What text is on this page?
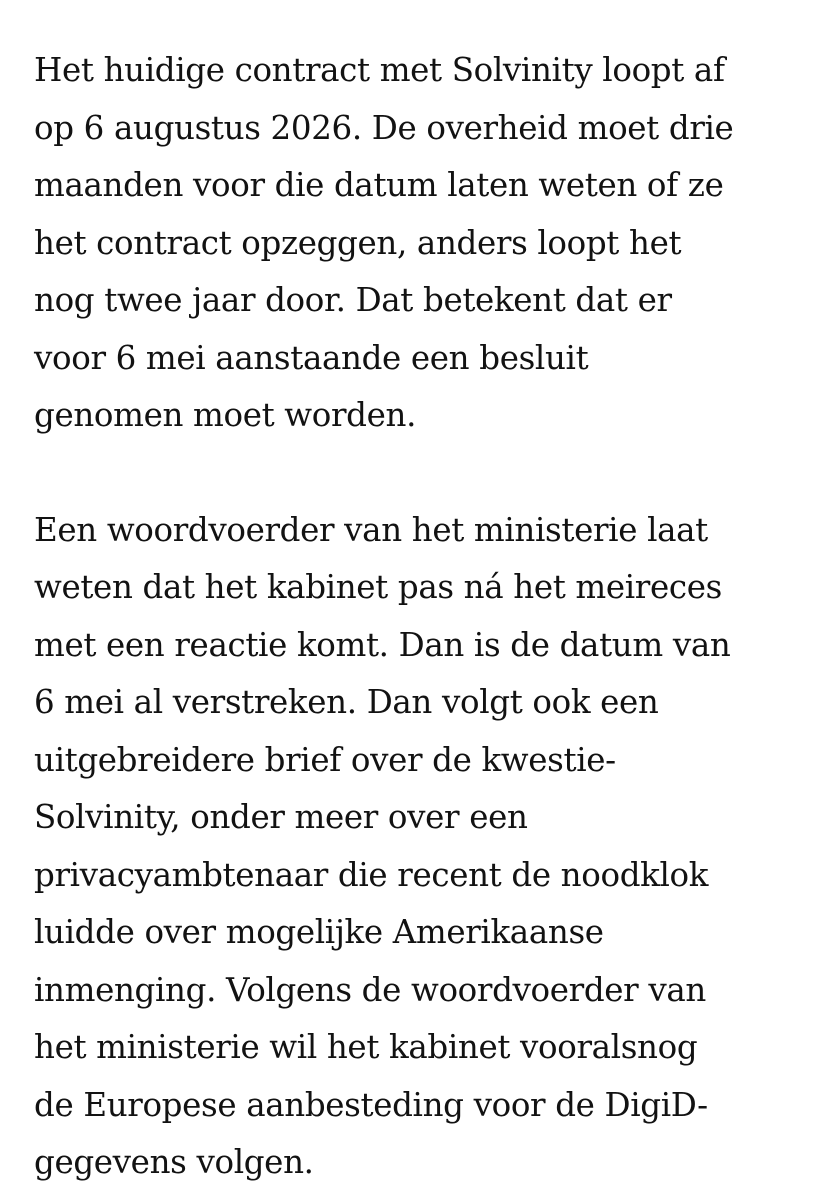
Het huidige contract met Solvinity loopt af
op 6 augustus 2026. De overheid moet drie
maanden voor die datum laten weten of ze
het contract opzeggen, anders loopt het
nog twee jaar door. Dat betekent dat er
voor 6 mei aanstaande een besluit
genomen moet worden.

Een woordvoerder van het ministerie laat
weten dat het kabinet pas ná het meireces
met een reactie komt. Dan is de datum van
6 mei al verstreken. Dan volgt ook een
uitgebreidere brief over de kwestie-
Solvinity, onder meer over een
privacyambtenaar die recent de noodklok
luidde over mogelijke Amerikaanse
inmenging. Volgens de woordvoerder van
het ministerie wil het kabinet vooralsnog
de Europese aanbesteding voor de DigiD-
gegevens volgen.
